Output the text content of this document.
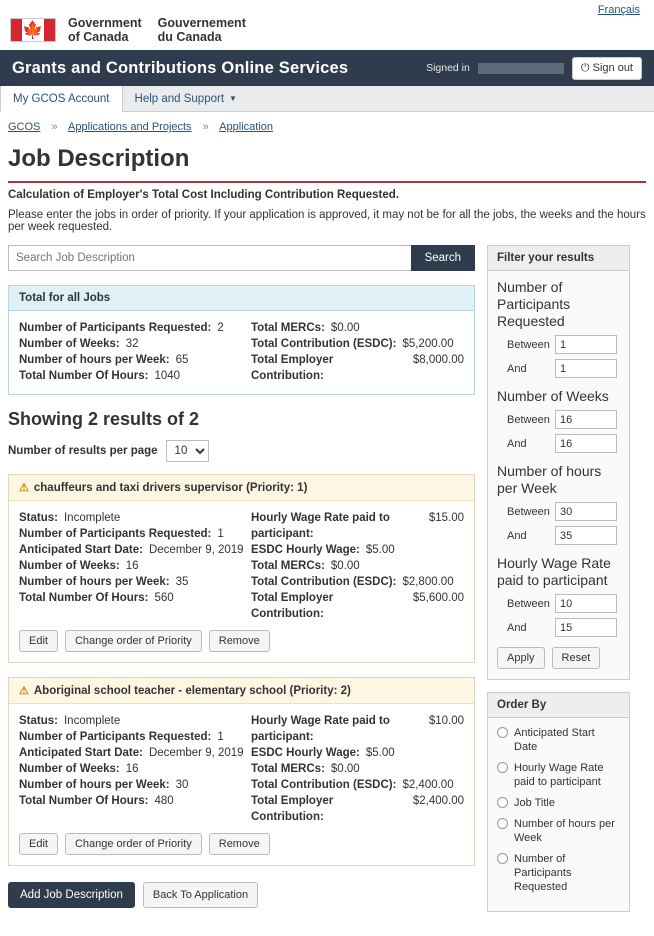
Français
🍁 Government
of Canada
Gouvernement
du Canada
Grants and Contributions Online Services	Signed in	⏻ Sign out
My GCOS Account Help and Support ▼
GCOS » Applications and Projects » Application
Job Description
Calculation of Employer's Total Cost Including Contribution Requested.

Please enter the jobs in order of priority. If your application is approved, it may not be for all the jobs, the weeks and the hours per week requested.

Search Job Description
Search
Total for all Jobs
Number of Participants Requested: 2
Number of Weeks: 32
Number of hours per Week: 65
Total Number Of Hours: 1040
Total MERCs: $0.00
Total Contribution (ESDC): $5,200.00
Total Employer Contribution:
$8,000.00
Showing 2 results of 2
Number of results per page
10
⚠ chauffeurs and taxi drivers supervisor (Priority: 1)
Status: Incomplete
Number of Participants Requested: 1
Anticipated Start Date: December 9, 2019
Number of Weeks: 16
Number of hours per Week: 35
Total Number Of Hours: 560
Hourly Wage Rate paid to participant:
$15.00
ESDC Hourly Wage: $5.00
Total MERCs: $0.00
Total Contribution (ESDC): $2,800.00
Total Employer Contribution:
$5,600.00
Edit	Change order of Priority	Remove
⚠ Aboriginal school teacher - elementary school (Priority: 2)
Status: Incomplete
Number of Participants Requested: 1
Anticipated Start Date: December 9, 2019
Number of Weeks: 16
Number of hours per Week: 30
Total Number Of Hours: 480
Hourly Wage Rate paid to participant:
$10.00
ESDC Hourly Wage: $5.00
Total MERCs: $0.00
Total Contribution (ESDC): $2,400.00
Total Employer Contribution:
$2,400.00
Edit	Change order of Priority	Remove
Add Job Description	Back To Application
Filter your results
Number of Participants Requested
Between
1
And
1
Number of Weeks
Between
16
And
16
Number of hours per Week
Between
30
And
35
Hourly Wage Rate paid to participant
Between
10
And
15
Apply	Reset
Order By
Anticipated Start Date
Hourly Wage Rate paid to participant
Job Title
Number of hours per Week
Number of Participants Requested
